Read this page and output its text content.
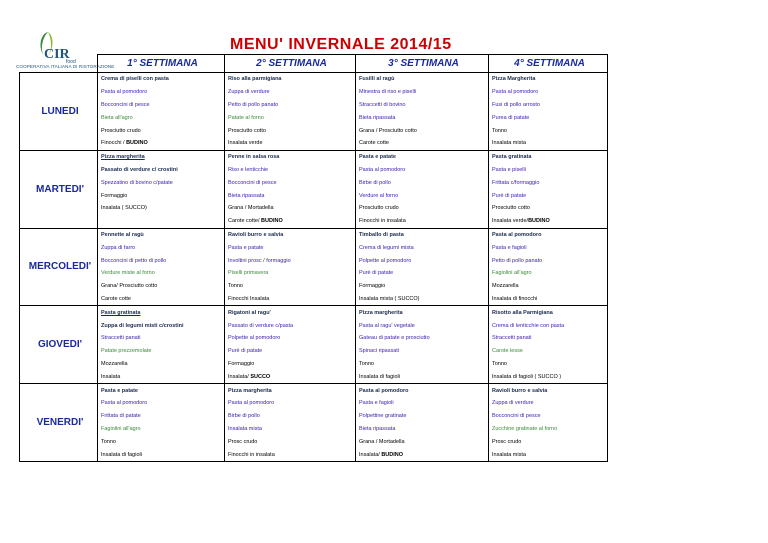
CIR
food
COOPERATIVA ITALIANA DI RISTORAZIONE
MENU' INVERNALE 2014/15
	1° SETTIMANA	2° SETTIMANA	3° SETTIMANA	4° SETTIMANA
LUNEDI	Crema di piselli con pasta	Riso alla parmigiana	Fusilli al ragù	Pizza Margherita
	Pasta al pomodoro	Zuppa di verdure	Minestra di riso e piselli	Pasta al pomodoro
	Bocconcini di pesce	Petto di pollo panato	Straccetti di bovino	Fusi di pollo arrosto
	Bieta all'agro	Patate al forno	Bieta ripassata	Purea di patate
	Prosciutto crudo	Prosciutto cotto	Grana / Prosciutto cotto	Tonno
	Finocchi / BUDINO	Insalata verde	Carote cotte	Insalata mista
MARTEDI'	Pizza margherita	Penne in salsa rosa	Pasta e patate	Pasta gratinata
	Passato di verdure c/ crostini	Riso e lenticchie	Pasta al pomodoro	Pasta e piselli
	Spezzatino di bovino c/patate	Bocconcini di pesce	Birbe di pollo	Frittata c/formaggio
	Formaggio	Bieta ripassata	Verdure al forno	Purè di patate
	Insalata ( SUCCO)	Grana / Mortadella	Prosciutto crudo	Prosciutto cotto
		Carote cotte/ BUDINO	Finocchi in insalata	Insalata verde/BUDINO
MERCOLEDI'	Pennette al ragù	Ravioli burro e salvia	Timballo di pasta	Pasta al pomodoro
	Zuppa di farro	Pasta e patate	Crema di legumi mista	Pasta e fagioli
	Bocconcini di petto di pollo	Involtini prosc / formaggio	Polpette al pomodoro	Petto di pollo panato
	Verdure miste al forno	Piselli primavera	Purè di patate	Fagiolini all'agro
	Grana/ Prosciutto cotto	Tonno	Formaggio	Mozzarella
	Carote cotte	Finocchi Insalata	Insalata mista ( SUCCO)	Insalata di finocchi
GIOVEDI'	Pasta gratinata	Rigatoni al ragu'	Pizza margherita	Risotto alla Parmigiana
	Zuppa di legumi misti c/crostini	Passato di verdure c/pasta	Pasta al ragu' vegetale	Crema di lenticchie con pasta
	Straccetti panati	Polpette al pomodoro	Gateau di patate e prosciutto	Straccetti panati
	Patate prezzemolate	Purè di patate	Spinaci ripassati	Carote lesse
	Mozzarella	Formaggio	Tonno	Tonno
	Insalata	Insalata/ SUCCO	Insalata di fagioli	Insalata di fagioli ( SUCCO )
VENERDI'	Pasta e patate	Pizza margherita	Pasta al pomodoro	Ravioli burro e salvia
	Pasta al pomodoro	Pasta al pomodoro	Pasta e fagioli	Zuppa di verdure
	Frittata di patate	Birbe di pollo	Polpettine gratinate	Bocconcini di pesce
	Fagiolini all'agro	Insalata mista	Bieta ripassata	Zucchine gratinate al forno
	Tonno	Prosc crudo	Grana / Mortadella	Prosc crudo
	Insalata di fagioli	Finocchi in insalata	Insalata/ BUDINO	Insalata mista
